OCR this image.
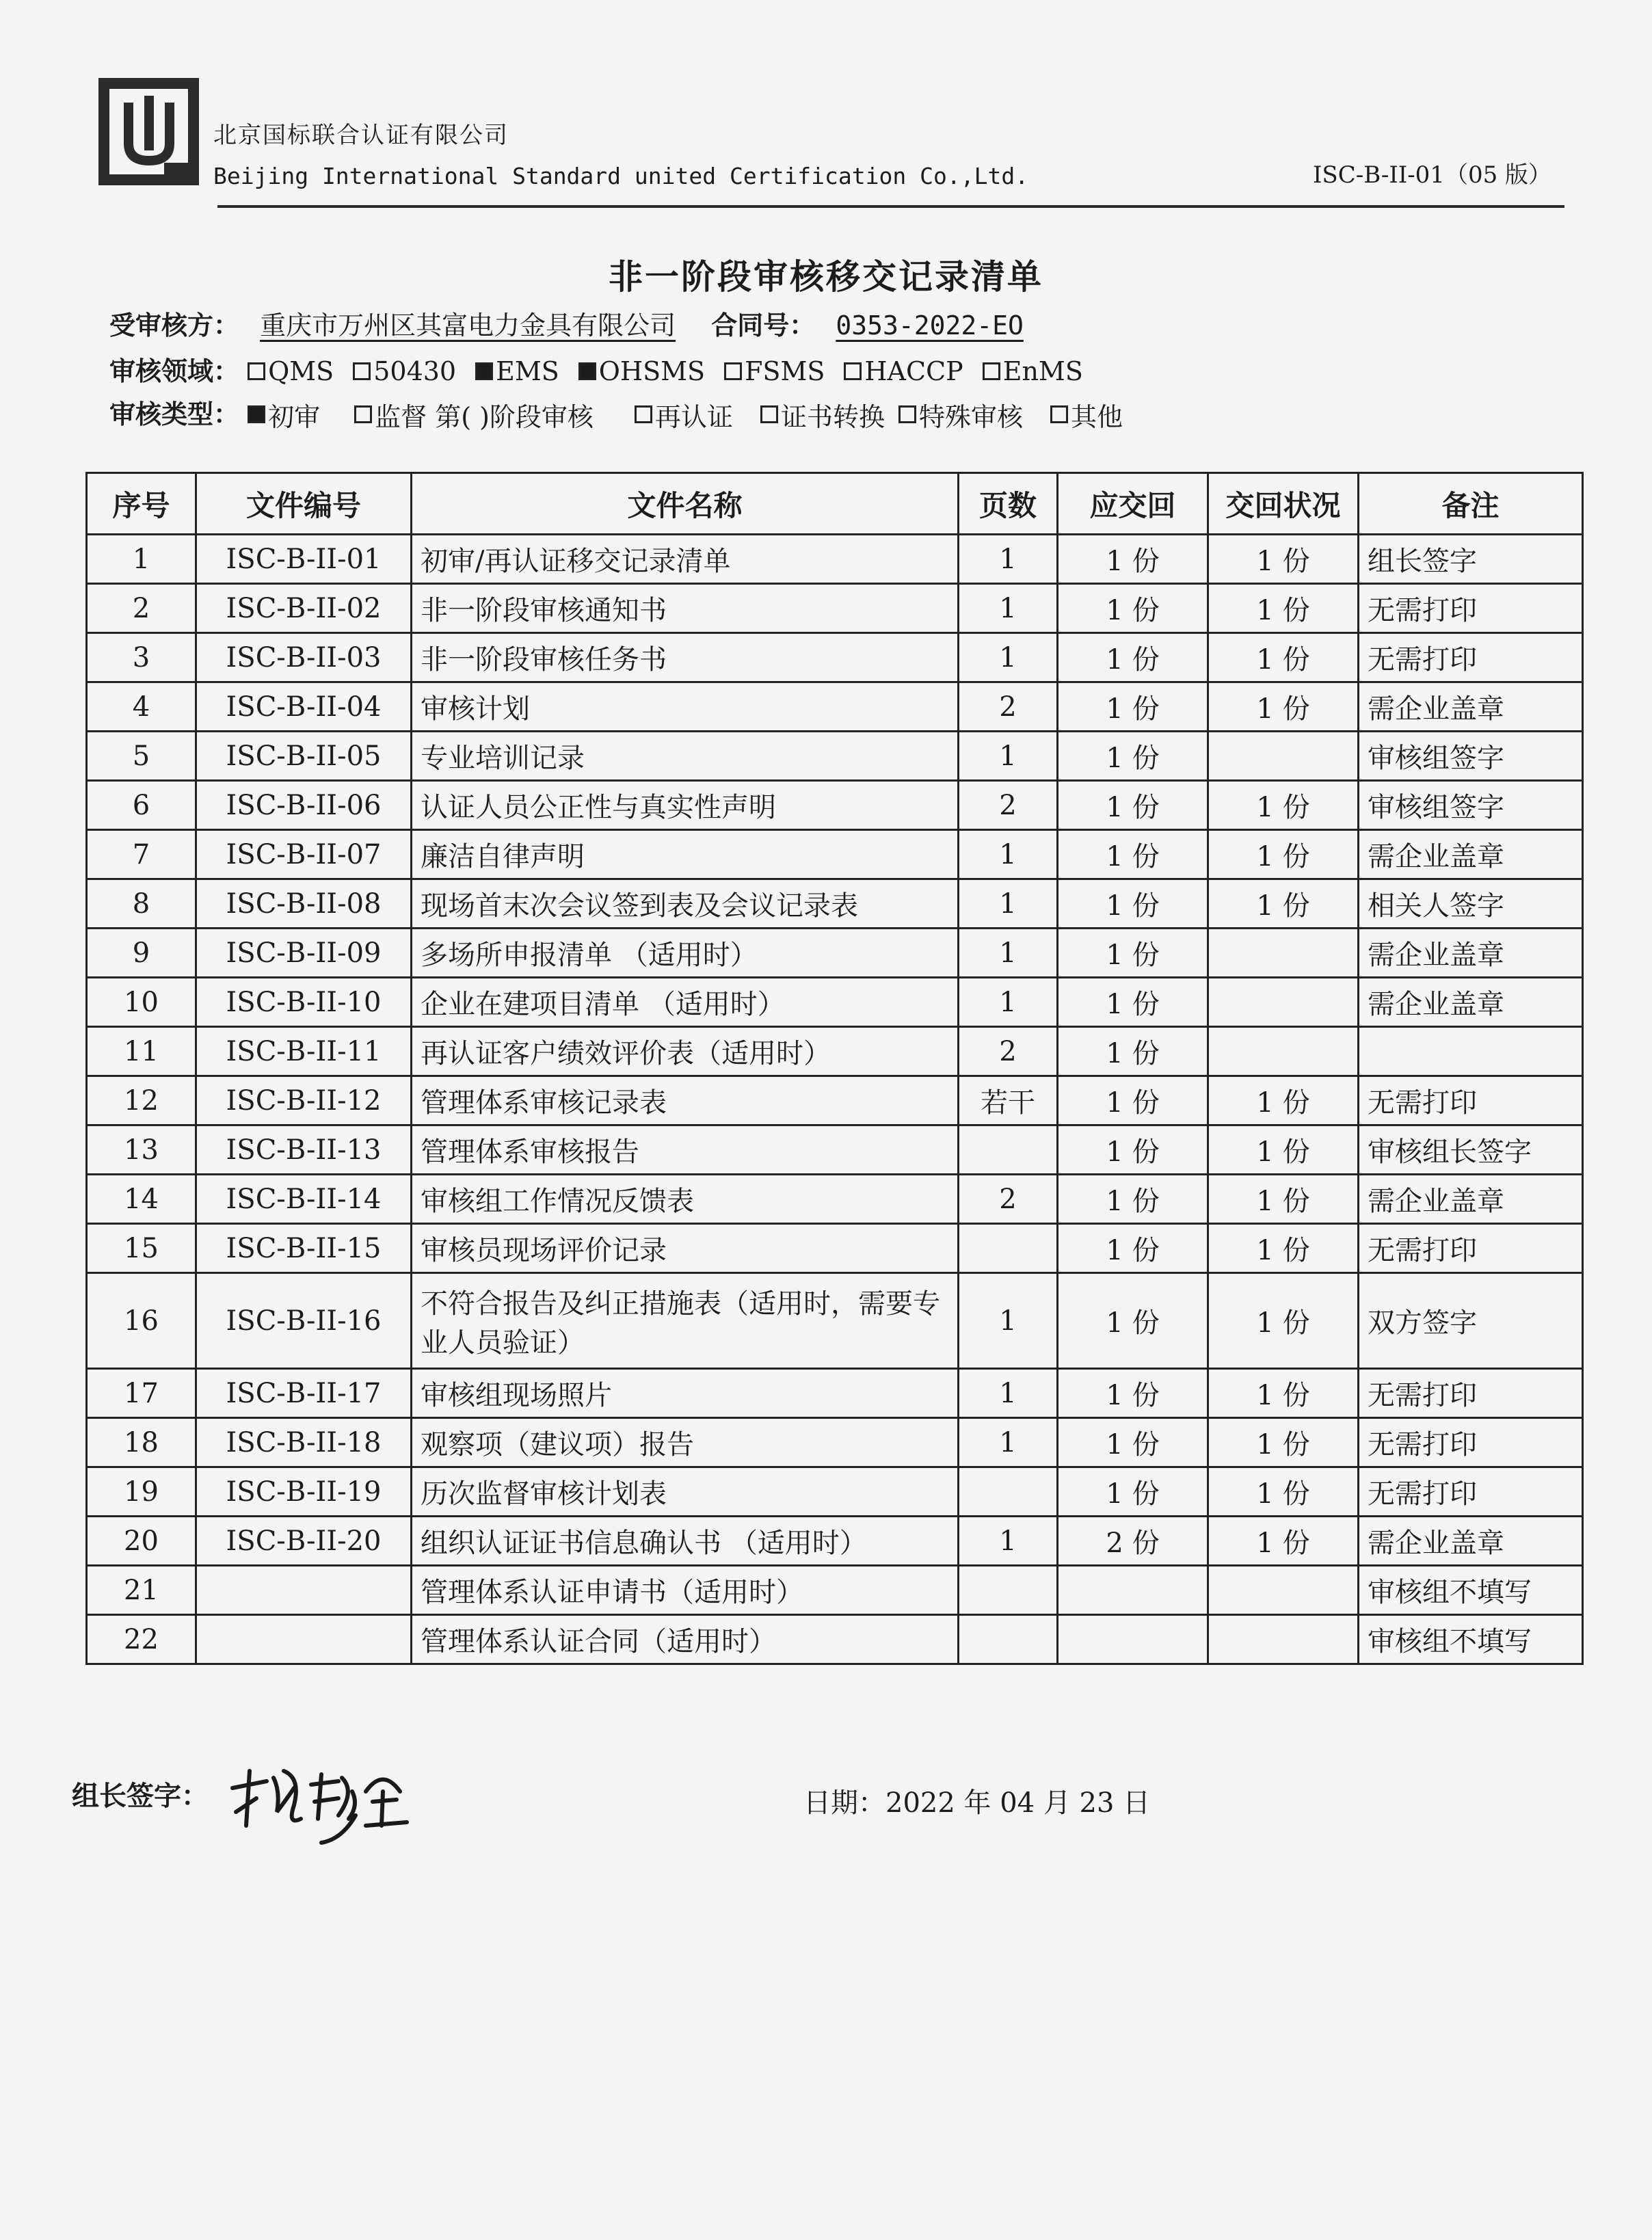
北京国标联合认证有限公司
Beijing International Standard united Certification Co.,Ltd.	ISC-B-II-01（05 版）
非一阶段审核移交记录清单
受审核方： 重庆市万州区其富电力金具有限公司 合同号： 0353-2022-EO
审核领域： QMS 50430 EMS OHSMS FSMS HACCP EnMS
审核类型： 初审 监督 第( )阶段审核 再认证 证书转换 特殊审核 其他
序号	文件编号	文件名称	页数	应交回	交回状况	备注
1	ISC-B-II-01	初审/再认证移交记录清单	1	1 份	1 份	组长签字
2	ISC-B-II-02	非一阶段审核通知书	1	1 份	1 份	无需打印
3	ISC-B-II-03	非一阶段审核任务书	1	1 份	1 份	无需打印
4	ISC-B-II-04	审核计划	2	1 份	1 份	需企业盖章
5	ISC-B-II-05	专业培训记录	1	1 份		审核组签字
6	ISC-B-II-06	认证人员公正性与真实性声明	2	1 份	1 份	审核组签字
7	ISC-B-II-07	廉洁自律声明	1	1 份	1 份	需企业盖章
8	ISC-B-II-08	现场首末次会议签到表及会议记录表	1	1 份	1 份	相关人签字
9	ISC-B-II-09	多场所申报清单 （适用时）	1	1 份		需企业盖章
10	ISC-B-II-10	企业在建项目清单 （适用时）	1	1 份		需企业盖章
11	ISC-B-II-11	再认证客户绩效评价表（适用时）	2	1 份		
12	ISC-B-II-12	管理体系审核记录表	若干	1 份	1 份	无需打印
13	ISC-B-II-13	管理体系审核报告		1 份	1 份	审核组长签字
14	ISC-B-II-14	审核组工作情况反馈表	2	1 份	1 份	需企业盖章
15	ISC-B-II-15	审核员现场评价记录		1 份	1 份	无需打印
16	ISC-B-II-16	不符合报告及纠正措施表（适用时，需要专业人员验证）	1	1 份	1 份	双方签字
17	ISC-B-II-17	审核组现场照片	1	1 份	1 份	无需打印
18	ISC-B-II-18	观察项（建议项）报告	1	1 份	1 份	无需打印
19	ISC-B-II-19	历次监督审核计划表		1 份	1 份	无需打印
20	ISC-B-II-20	组织认证证书信息确认书 （适用时）	1	2 份	1 份	需企业盖章
21		管理体系认证申请书（适用时）				审核组不填写
22		管理体系认证合同（适用时）				审核组不填写
组长签字：	日期：2022 年 04 月 23 日
